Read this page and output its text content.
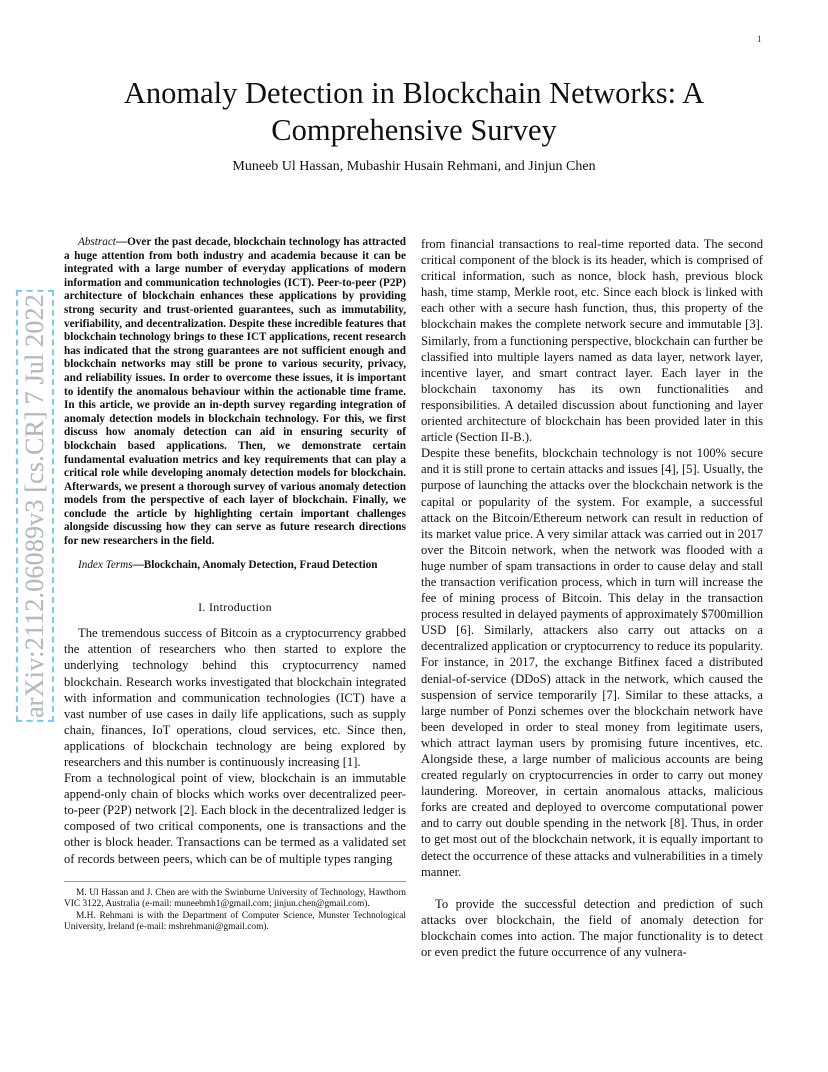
1
arXiv:2112.06089v3 [cs.CR] 7 Jul 2022
Anomaly Detection in Blockchain Networks: A Comprehensive Survey
Muneeb Ul Hassan, Mubashir Husain Rehmani, and Jinjun Chen

Abstract—Over the past decade, blockchain technology has attracted a huge attention from both industry and academia because it can be integrated with a large number of everyday applications of modern information and communication technologies (ICT). Peer-to-peer (P2P) architecture of blockchain enhances these applications by providing strong security and trust-oriented guarantees, such as immutability, verifiability, and decentralization. Despite these incredible features that blockchain technology brings to these ICT applications, recent research has indicated that the strong guarantees are not sufficient enough and blockchain networks may still be prone to various security, privacy, and reliability issues. In order to overcome these issues, it is important to identify the anomalous behaviour within the actionable time frame. In this article, we provide an in-depth survey regarding integration of anomaly detection models in blockchain technology. For this, we first discuss how anomaly detection can aid in ensuring security of blockchain based applications. Then, we demonstrate certain fundamental evaluation metrics and key requirements that can play a critical role while developing anomaly detection models for blockchain. Afterwards, we present a thorough survey of various anomaly detection models from the perspective of each layer of blockchain. Finally, we conclude the article by highlighting certain important challenges alongside discussing how they can serve as future research directions for new researchers in the field.

Index Terms—Blockchain, Anomaly Detection, Fraud Detection

I. Introduction

The tremendous success of Bitcoin as a cryptocurrency grabbed the attention of researchers who then started to explore the underlying technology behind this cryptocurrency named blockchain. Research works investigated that blockchain integrated with information and communication technologies (ICT) have a vast number of use cases in daily life applications, such as supply chain, finances, IoT operations, cloud services, etc. Since then, applications of blockchain technology are being explored by researchers and this number is continuously increasing [1].

From a technological point of view, blockchain is an immutable append-only chain of blocks which works over decentralized peer-to-peer (P2P) network [2]. Each block in the decentralized ledger is composed of two critical components, one is transactions and the other is block header. Transactions can be termed as a validated set of records between peers, which can be of multiple types ranging

M. Ul Hassan and J. Chen are with the Swinburne University of Technology, Hawthorn VIC 3122, Australia (e-mail: muneebmh1@gmail.com; jinjun.chen@gmail.com).

M.H. Rehmani is with the Department of Computer Science, Munster Technological University, Ireland (e-mail: mshrehmani@gmail.com).

from financial transactions to real-time reported data. The second critical component of the block is its header, which is comprised of critical information, such as nonce, block hash, previous block hash, time stamp, Merkle root, etc. Since each block is linked with each other with a secure hash function, thus, this property of the blockchain makes the complete network secure and immutable [3]. Similarly, from a functioning perspective, blockchain can further be classified into multiple layers named as data layer, network layer, incentive layer, and smart contract layer. Each layer in the blockchain taxonomy has its own functionalities and responsibilities. A detailed discussion about functioning and layer oriented architecture of blockchain has been provided later in this article (Section II-B.).

Despite these benefits, blockchain technology is not 100% secure and it is still prone to certain attacks and issues [4], [5]. Usually, the purpose of launching the attacks over the blockchain network is the capital or popularity of the system. For example, a successful attack on the Bitcoin/Ethereum network can result in reduction of its market value price. A very similar attack was carried out in 2017 over the Bitcoin network, when the network was flooded with a huge number of spam transactions in order to cause delay and stall the transaction verification process, which in turn will increase the fee of mining process of Bitcoin. This delay in the transaction process resulted in delayed payments of approximately $700million USD [6]. Similarly, attackers also carry out attacks on a decentralized application or cryptocurrency to reduce its popularity. For instance, in 2017, the exchange Bitfinex faced a distributed denial-of-service (DDoS) attack in the network, which caused the suspension of service temporarily [7]. Similar to these attacks, a large number of Ponzi schemes over the blockchain network have been developed in order to steal money from legitimate users, which attract layman users by promising future incentives, etc. Alongside these, a large number of malicious accounts are being created regularly on cryptocurrencies in order to carry out money laundering. Moreover, in certain anomalous attacks, malicious forks are created and deployed to overcome computational power and to carry out double spending in the network [8]. Thus, in order to get most out of the blockchain network, it is equally important to detect the occurrence of these attacks and vulnerabilities in a timely manner.

To provide the successful detection and prediction of such attacks over blockchain, the field of anomaly detection for blockchain comes into action. The major functionality is to detect or even predict the future occurrence of any vulnera-
